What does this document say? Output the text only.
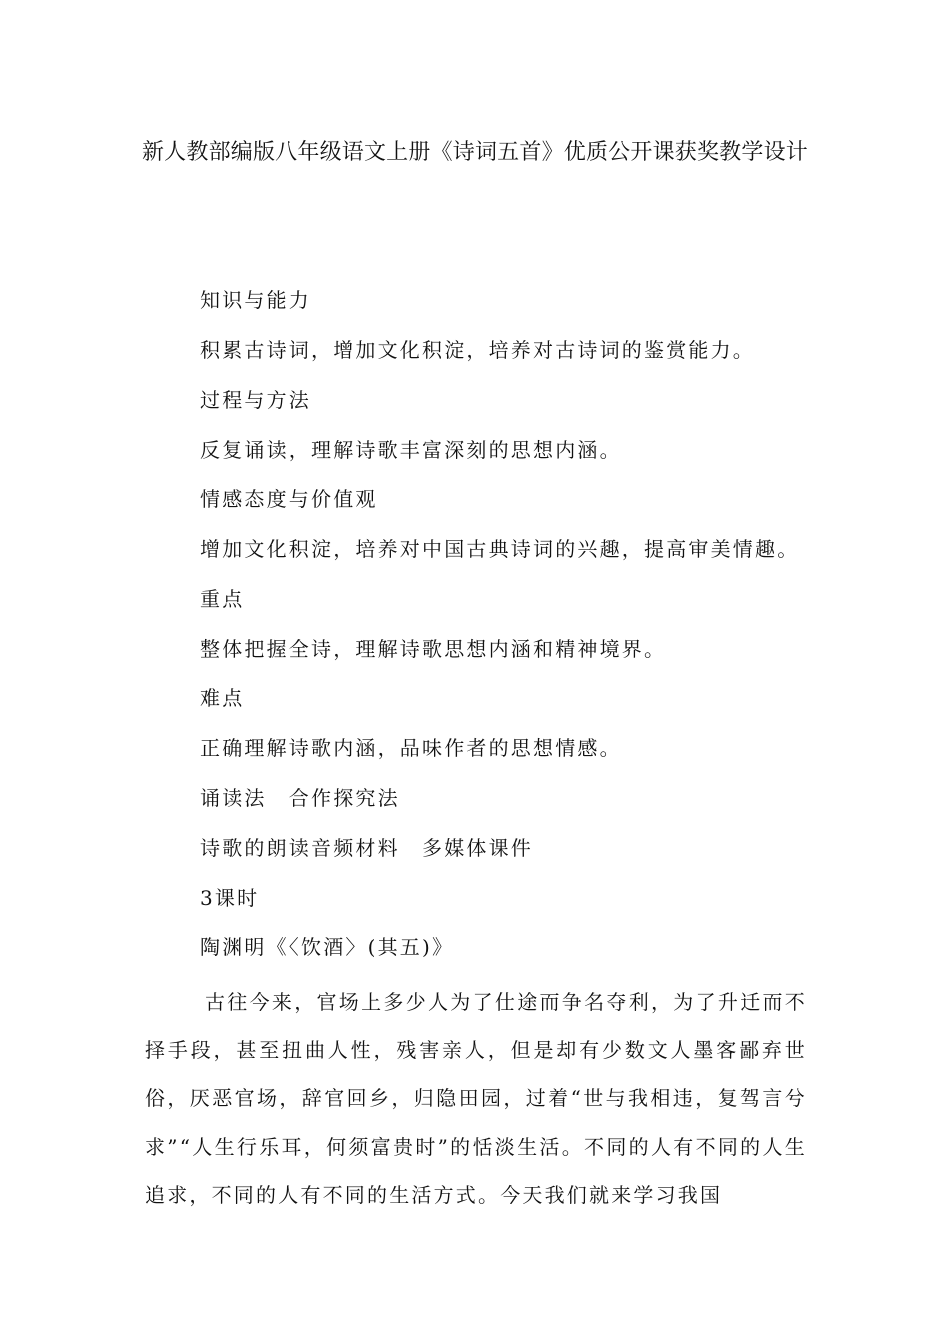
新人教部编版八年级语文上册《诗词五首》优质公开课获奖教学设计
知识与能力
积累古诗词，增加文化积淀，培养对古诗词的鉴赏能力。
过程与方法
反复诵读，理解诗歌丰富深刻的思想内涵。
情感态度与价值观
增加文化积淀，培养对中国古典诗词的兴趣，提高审美情趣。
重点
整体把握全诗，理解诗歌思想内涵和精神境界。
难点
正确理解诗歌内涵，品味作者的思想情感。
诵读法　合作探究法
诗歌的朗读音频材料　多媒体课件
3课时
陶渊明《〈饮酒〉(其五)》
古往今来，官场上多少人为了仕途而争名夺利，为了升迁而不择手段，甚至扭曲人性，残害亲人，但是却有少数文人墨客鄙弃世俗，厌恶官场，辞官回乡，归隐田园，过着“世与我相违，复驾言兮求”“人生行乐耳，何须富贵时”的恬淡生活。不同的人有不同的人生追求，不同的人有不同的生活方式。今天我们就来学习我国
